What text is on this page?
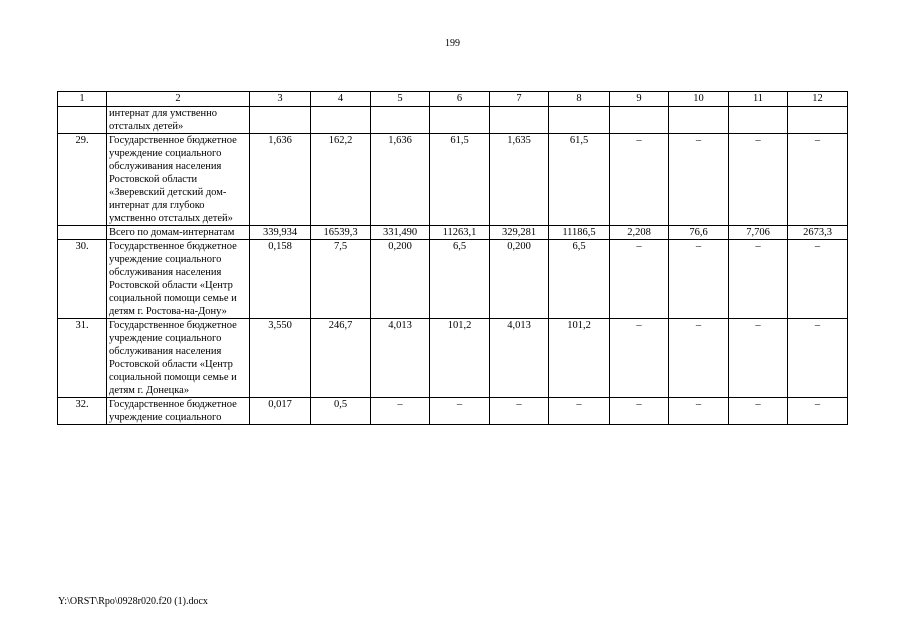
199
1	2	3	4	5	6	7	8	9	10	11	12
	интернат для умственно отсталых детей»										
29.	Государственное бюджетное учреждение социального обслуживания населения Ростовской области «Зверевский детский дом-интернат для глубоко умственно отсталых детей»	1,636	162,2	1,636	61,5	1,635	61,5	–	–	–	–
	Всего по домам-интернатам	339,934	16539,3	331,490	11263,1	329,281	11186,5	2,208	76,6	7,706	2673,3
30.	Государственное бюджетное учреждение социального обслуживания населения Ростовской области «Центр социальной помощи семье и детям г. Ростова-на-Дону»	0,158	7,5	0,200	6,5	0,200	6,5	–	–	–	–
31.	Государственное бюджетное учреждение социального обслуживания населения Ростовской области «Центр социальной помощи семье и детям г. Донецка»	3,550	246,7	4,013	101,2	4,013	101,2	–	–	–	–
32.	Государственное бюджетное учреждение социального	0,017	0,5	–	–	–	–	–	–	–	–
Y:\ORST\Rpo\0928r020.f20 (1).docx
